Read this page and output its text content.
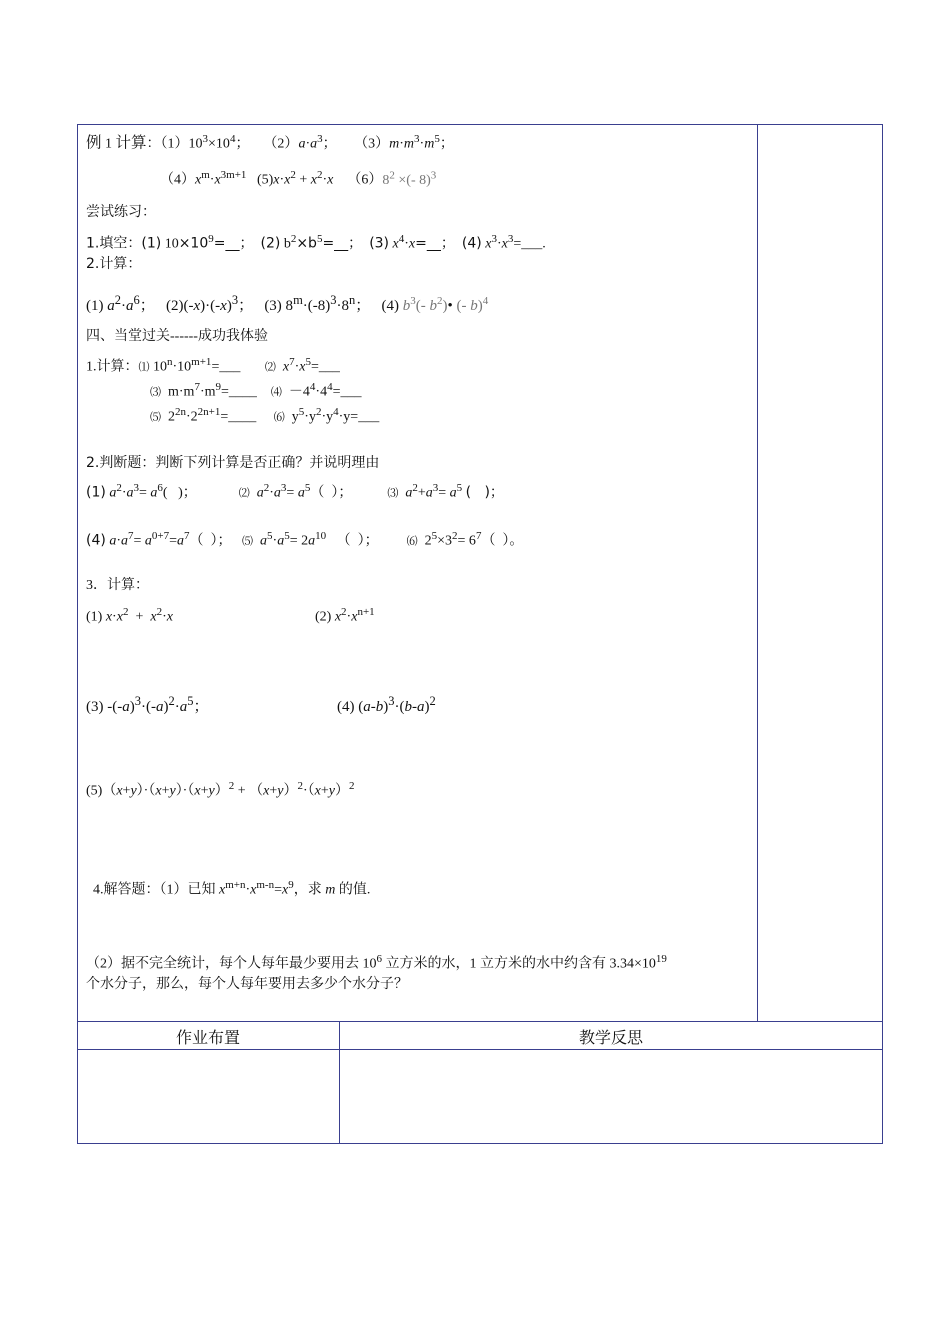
例 1 计算：$(1)10^3\times 10^4$；    $(2)a\cdot a^3$；     $(3)m\cdot m^3\cdot m^5$；
$(4)x^m\cdot x^{3m+1}$   $(5)x\cdot x^2 + x^2\cdot x$    $(6)8^2$ ×(- 8)$^3$
尝试练习：
1.填空：(1) $10\times 10^9=\_\_$； (2) $b^2\times b^5=\_\_$； (3) $x^4\cdot x=\_\_$； (4) $x^3\cdot x^3=\_\_\_$.
2.计算：
(1) $a^2\cdot a^6$；   $(2)(-x)\cdot(-x)^3$；   (3) $8^m\cdot(-8)^3\cdot 8^n$；   (4) $b^3(-$ $b^2)•$ (- b)$^4$
四、当堂过关------成功我体验
1.计算：⑴ $10^n\cdot 10^{m+1}=\_\_\_$       ⑵ $x^7\cdot x^5=\_\_\_$
⑶  $m\cdot m^7\cdot m^9=\_\_\_\_$    ⑷  $-4^4\cdot 4^4=\_\_\_$
⑸  $2^{2n}\cdot 2^{2n+1}=\_\_\_\_$     ⑹  $y^5\cdot y^2\cdot y^4\cdot y=\_\_\_$
2.判断题：判断下列计算是否正确？并说明理由
(1) $a^2\cdot a^3= a^6$(   )；            ⑵ $a^2\cdot a^3= a^5$（  ）；          ⑶ $a^2+a^3= a^5$ (   )；
(4) $a\cdot a^7= a^{0+7}=a^7$（  ）；   ⑸ $a^5\cdot a^5= 2a^{10}$   （  ）；        ⑹  $2^5\times 3^2= 6^7$（  ）。
3．计算：
(1) $x\cdot x^2 + x^2\cdot x$	(2) $x^2\cdot x^{n+1}$
(3) $-(-a)^3\cdot(-a)^2\cdot a^5$；	(4) $(a-b)^3\cdot(b-a)^2$
$(5)(x+y)\cdot(x+y)\cdot(x+y)^2 + (x+y)^2\cdot(x+y)^2$
4.解答题：（1）已知 $x^{m+n}\cdot x^{m-n}=x^9$，求 m 的值.
（2）据不完全统计，每个人每年最少要用去 $10^6$ 立方米的水，1 立方米的水中约含有 $3.34\times 10^{19}$
个水分子，那么，每个人每年要用去多少个水分子？
作业布置	教学反思
